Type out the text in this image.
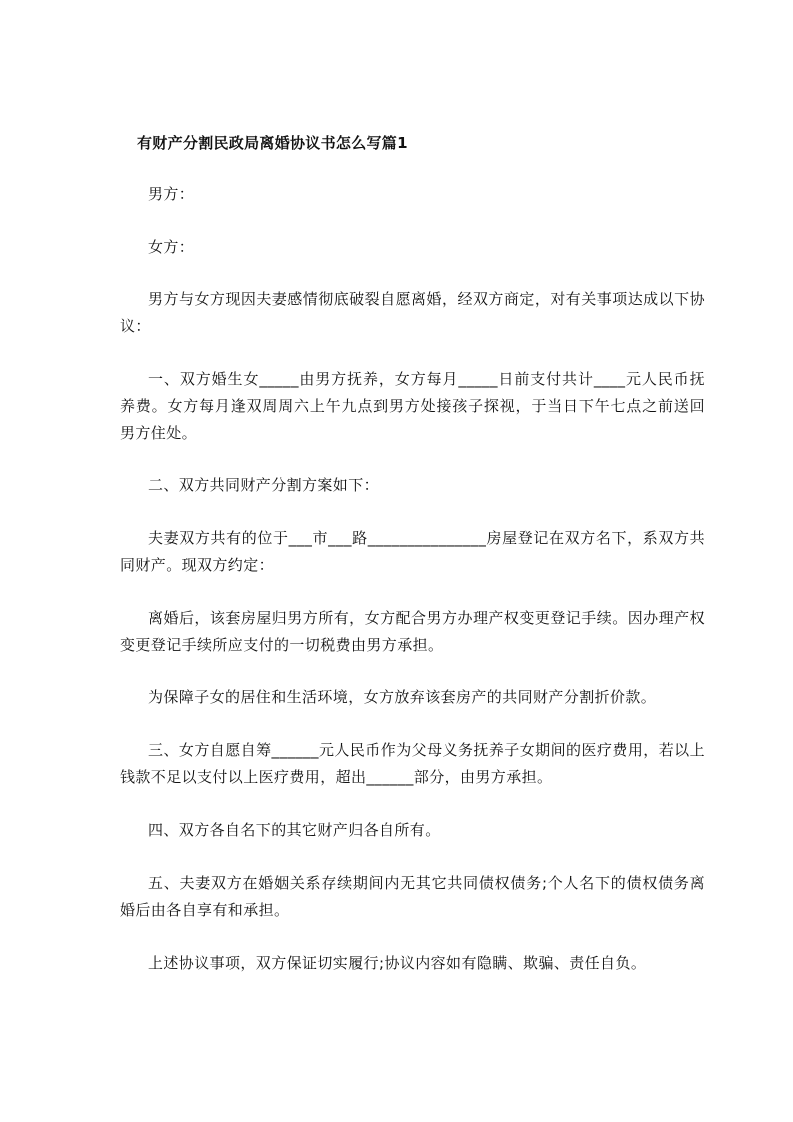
有财产分割民政局离婚协议书怎么写篇1
男方：
女方：
男方与女方现因夫妻感情彻底破裂自愿离婚，经双方商定，对有关事项达成以下协议：
一、双方婚生女_____由男方抚养，女方每月_____日前支付共计____元人民币抚养费。女方每月逢双周周六上午九点到男方处接孩子探视，于当日下午七点之前送回男方住处。
二、双方共同财产分割方案如下：
夫妻双方共有的位于___市___路_______________房屋登记在双方名下，系双方共同财产。现双方约定：
离婚后，该套房屋归男方所有，女方配合男方办理产权变更登记手续。因办理产权变更登记手续所应支付的一切税费由男方承担。
为保障子女的居住和生活环境，女方放弃该套房产的共同财产分割折价款。
三、女方自愿自筹______元人民币作为父母义务抚养子女期间的医疗费用，若以上钱款不足以支付以上医疗费用，超出______部分，由男方承担。
四、双方各自名下的其它财产归各自所有。
五、夫妻双方在婚姻关系存续期间内无其它共同债权债务;个人名下的债权债务离婚后由各自享有和承担。
上述协议事项，双方保证切实履行;协议内容如有隐瞒、欺骗、责任自负。
